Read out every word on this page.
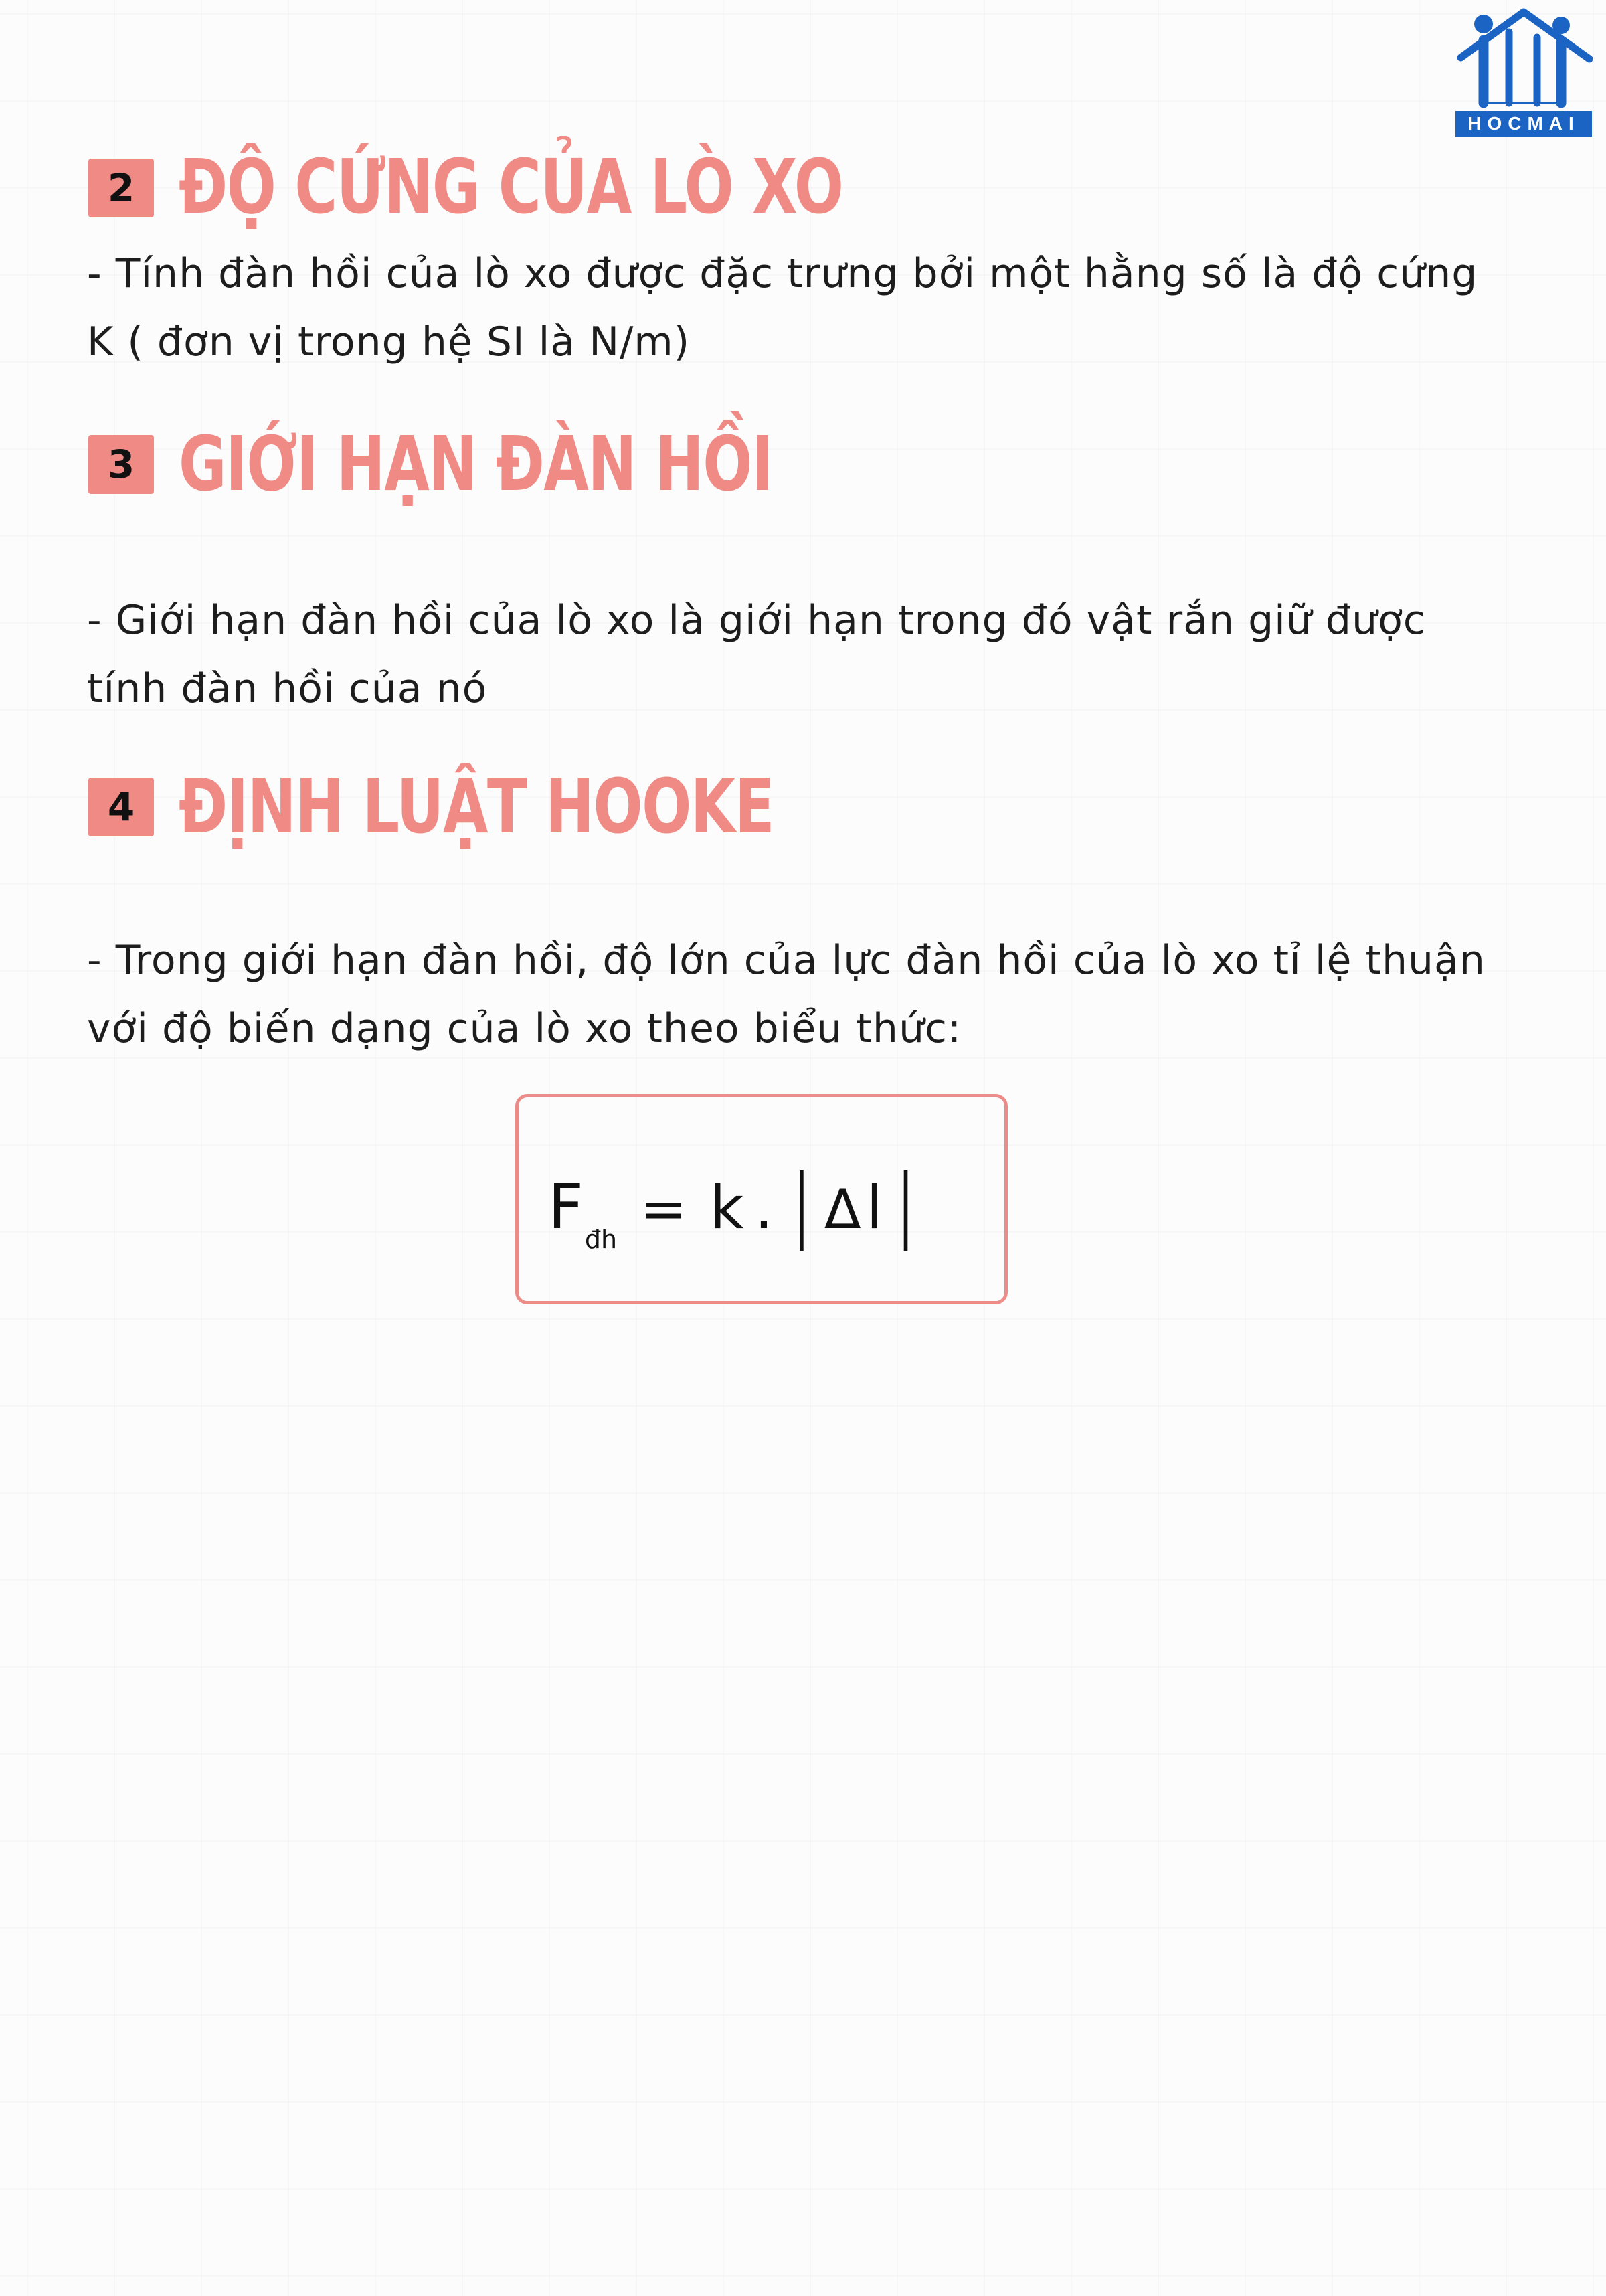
HOCMAI
2 ĐỘ CỨNG CỦA LÒ XO

- Tính đàn hồi của lò xo được đặc trưng bởi một hằng số là độ cứng K ( đơn vị trong hệ SI là N/m)

3 GIỚI HẠN ĐÀN HỒI

- Giới hạn đàn hồi của lò xo là giới hạn trong đó vật rắn giữ được tính đàn hồi của nó

4 ĐỊNH LUẬT HOOKE

- Trong giới hạn đàn hồi, độ lớn của lực đàn hồi của lò xo tỉ lệ thuận với độ biến dạng của lò xo theo biểu thức:

Fđh = k . | Δl |
